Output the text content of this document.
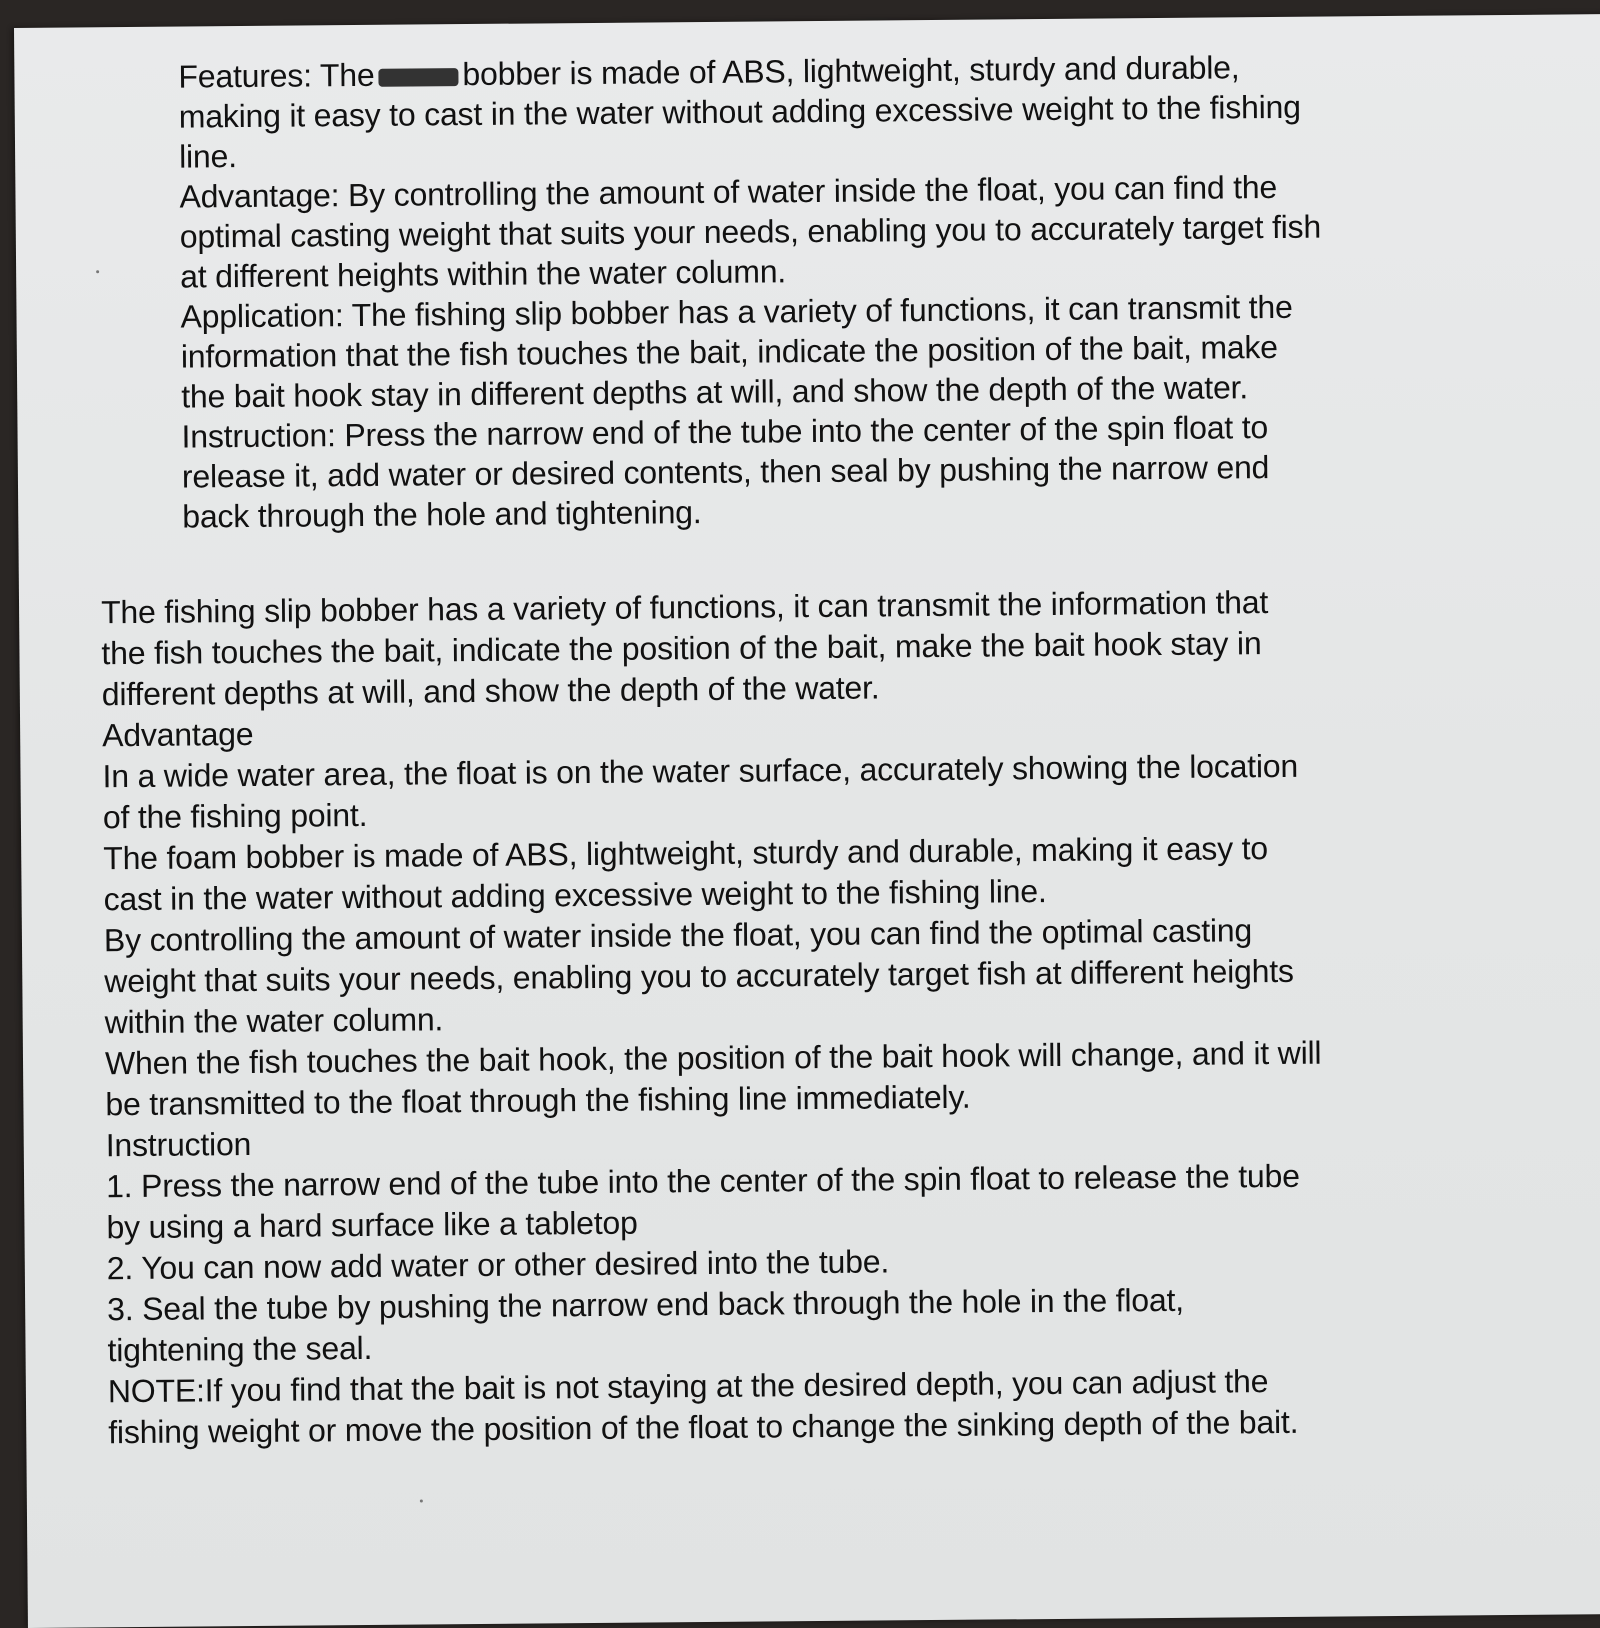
Features: The	bobber is made of ABS, lightweight, sturdy and durable,
making it easy to cast in the water without adding excessive weight to the fishing
line.
Advantage: By controlling the amount of water inside the float, you can find the
optimal casting weight that suits your needs, enabling you to accurately target fish
at different heights within the water column.
Application: The fishing slip bobber has a variety of functions, it can transmit the
information that the fish touches the bait, indicate the position of the bait, make
the bait hook stay in different depths at will, and show the depth of the water.
Instruction: Press the narrow end of the tube into the center of the spin float to
release it, add water or desired contents, then seal by pushing the narrow end
back through the hole and tightening.
The fishing slip bobber has a variety of functions, it can transmit the information that
the fish touches the bait, indicate the position of the bait, make the bait hook stay in
different depths at will, and show the depth of the water.
Advantage
In a wide water area, the float is on the water surface, accurately showing the location
of the fishing point.
The foam bobber is made of ABS, lightweight, sturdy and durable, making it easy to
cast in the water without adding excessive weight to the fishing line.
By controlling the amount of water inside the float, you can find the optimal casting
weight that suits your needs, enabling you to accurately target fish at different heights
within the water column.
When the fish touches the bait hook, the position of the bait hook will change, and it will
be transmitted to the float through the fishing line immediately.
Instruction
1. Press the narrow end of the tube into the center of the spin float to release the tube
by using a hard surface like a tabletop
2. You can now add water or other desired into the tube.
3. Seal the tube by pushing the narrow end back through the hole in the float,
tightening the seal.
NOTE:If you find that the bait is not staying at the desired depth, you can adjust the
fishing weight or move the position of the float to change the sinking depth of the bait.
